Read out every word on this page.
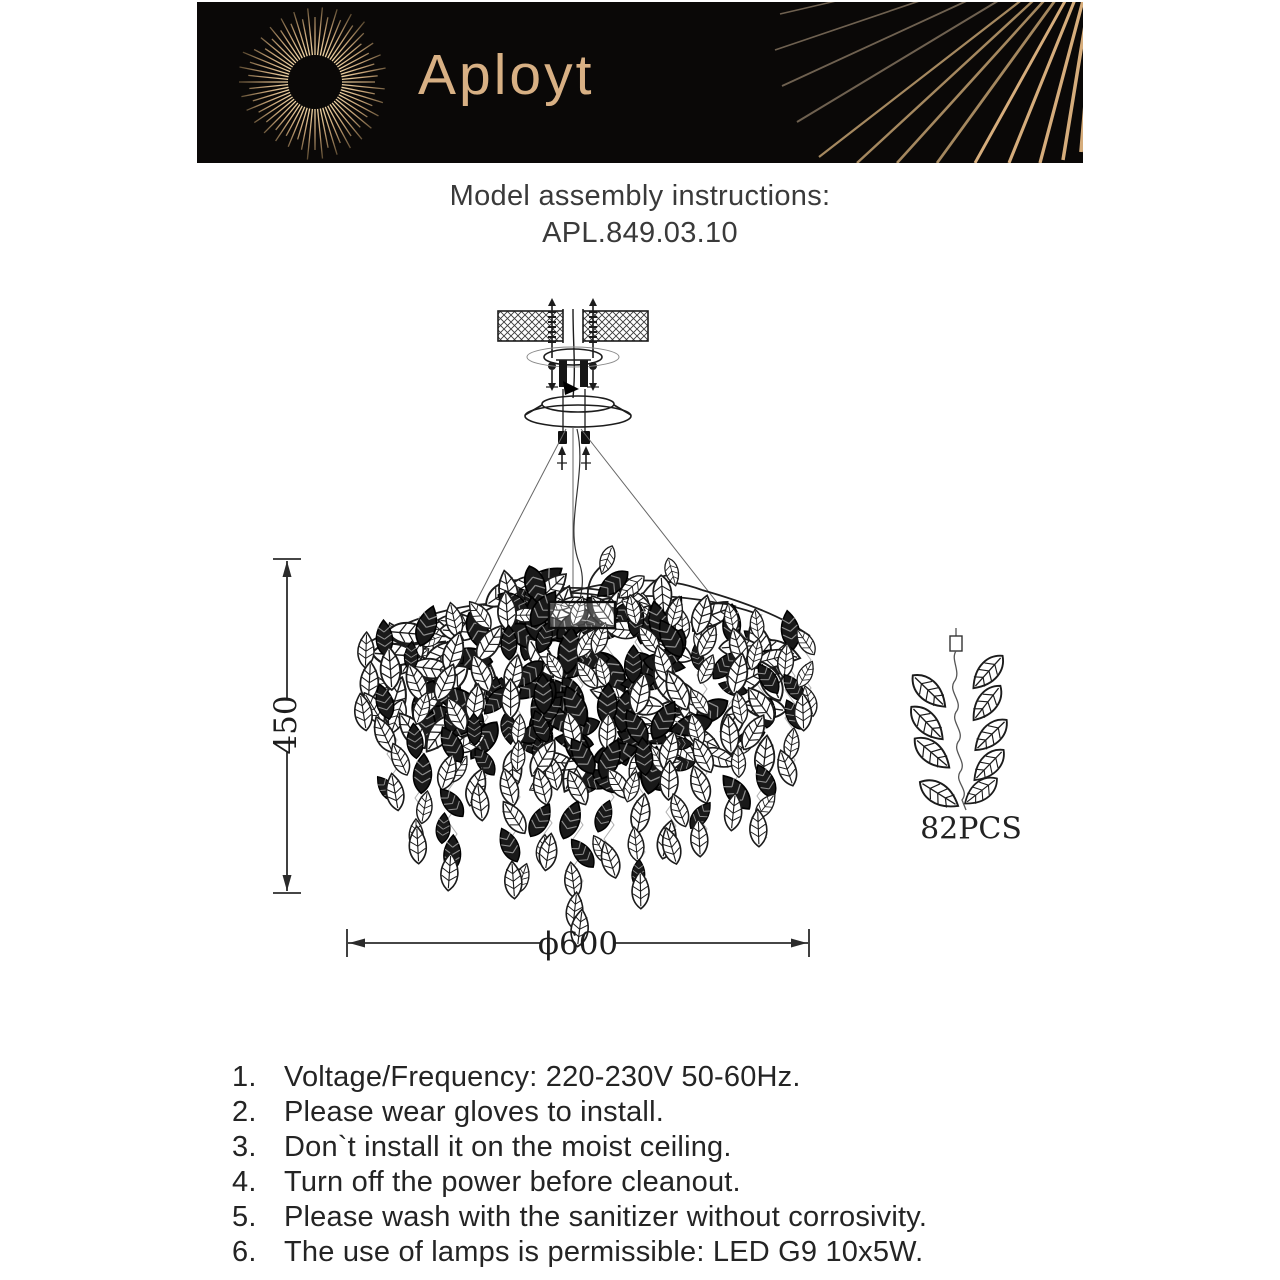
Aployt
Model assembly instructions:
APL.849.03.10
450
ϕ600
82PCS
1. Voltage/Frequency: 220-230V 50-60Hz.
2. Please wear gloves to install.
3. Don`t install it on the moist ceiling.
4. Turn off the power before cleanout.
5. Please wash with the sanitizer without corrosivity.
6. The use of lamps is permissible: LED G9 10x5W.
